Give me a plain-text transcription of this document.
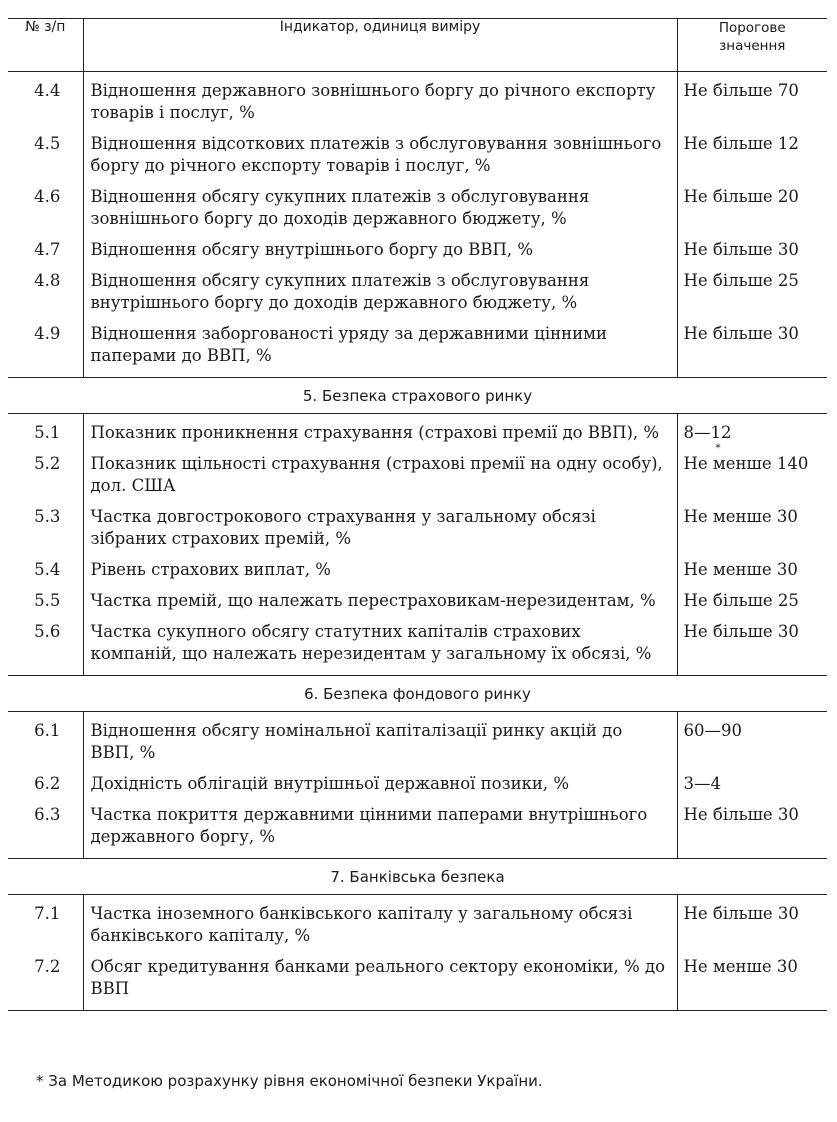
№ з/п	Індикатор, одиниця виміру	Порогове
значення
4.4	Відношення державного зовнішнього боргу до річного експорту товарів і послуг, %	Не більше 70
4.5	Відношення відсоткових платежів з обслуговування зовнішнього боргу до річного експорту товарів і послуг, %	Не більше 12
4.6	Відношення обсягу сукупних платежів з обслуговування зовнішнього боргу до доходів державного бюджету, %	Не більше 20
4.7	Відношення обсягу внутрішнього боргу до ВВП, %	Не більше 30
4.8	Відношення обсягу сукупних платежів з обслуговування внутрішнього боргу до доходів державного бюджету, %	Не більше 25
4.9	Відношення заборгованості уряду за державними цінними паперами до ВВП, %	Не більше 30
5. Безпека страхового ринку		
5.1	Показник проникнення страхування (страхові премії до ВВП), %	8—12
*

5.2	Показник щільності страхування (страхові премії на одну особу), дол. США	Не менше 140
5.3	Частка довгострокового страхування у загальному обсязі зібраних страхових премій, %	Не менше 30
5.4	Рівень страхових виплат, %	Не менше 30
5.5	Частка премій, що належать перестраховикам-нерезидентам, %	Не більше 25
5.6	Частка сукупного обсягу статутних капіталів страхових компаній, що належать нерезидентам у загальному їх обсязі, %	Не більше 30
6. Безпека фондового ринку		
6.1	Відношення обсягу номінальної капіталізації ринку акцій до ВВП, %	60—90
6.2	Дохідність облігацій внутрішньої державної позики, %	3—4
6.3	Частка покриття державними цінними паперами внутрішнього державного боргу, %	Не більше 30
7. Банківська безпека		
7.1	Частка іноземного банківського капіталу у загальному обсязі банківського капіталу, %	Не більше 30
7.2	Обсяг кредитування банками реального сектору економіки, % до ВВП	Не менше 30
* За Методикою розрахунку рівня економічної безпеки України.
